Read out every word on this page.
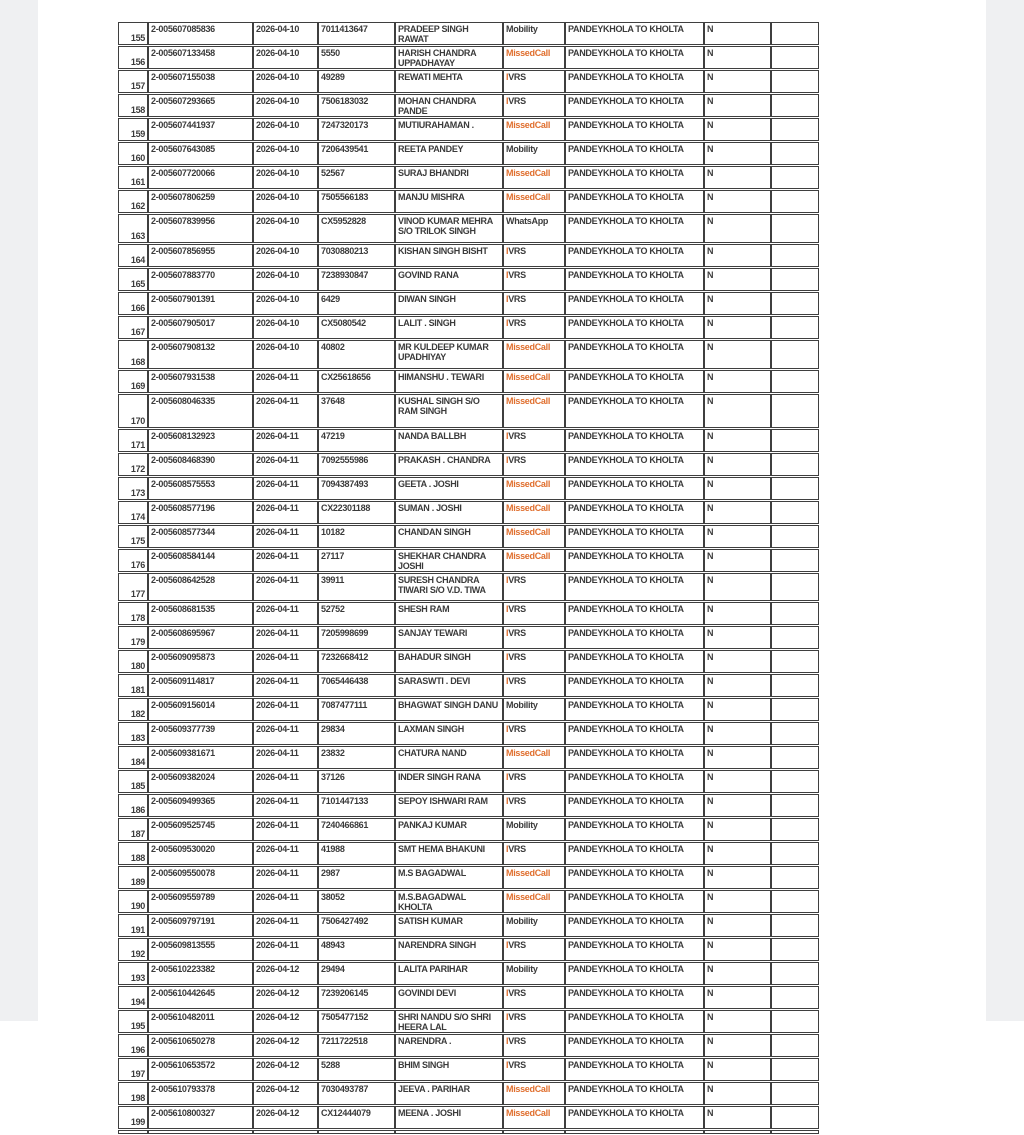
155	2-005607085836	2026-04-10	7011413647	PRADEEP SINGH RAWAT	Mobility	PANDEYKHOLA TO KHOLTA	N	
156	2-005607133458	2026-04-10	5550	HARISH CHANDRA UPPADHAYAY	MissedCall	PANDEYKHOLA TO KHOLTA	N	
157	2-005607155038	2026-04-10	49289	REWATI MEHTA	IVRS	PANDEYKHOLA TO KHOLTA	N	
158	2-005607293665	2026-04-10	7506183032	MOHAN CHANDRA PANDE	IVRS	PANDEYKHOLA TO KHOLTA	N	
159	2-005607441937	2026-04-10	7247320173	MUTIURAHAMAN .	MissedCall	PANDEYKHOLA TO KHOLTA	N	
160	2-005607643085	2026-04-10	7206439541	REETA PANDEY	Mobility	PANDEYKHOLA TO KHOLTA	N	
161	2-005607720066	2026-04-10	52567	SURAJ BHANDRI	MissedCall	PANDEYKHOLA TO KHOLTA	N	
162	2-005607806259	2026-04-10	7505566183	MANJU MISHRA	MissedCall	PANDEYKHOLA TO KHOLTA	N	
163	2-005607839956	2026-04-10	CX5952828	VINOD KUMAR MEHRA S/O TRILOK SINGH	WhatsApp	PANDEYKHOLA TO KHOLTA	N	
164	2-005607856955	2026-04-10	7030880213	KISHAN SINGH BISHT	IVRS	PANDEYKHOLA TO KHOLTA	N	
165	2-005607883770	2026-04-10	7238930847	GOVIND RANA	IVRS	PANDEYKHOLA TO KHOLTA	N	
166	2-005607901391	2026-04-10	6429	DIWAN SINGH	IVRS	PANDEYKHOLA TO KHOLTA	N	
167	2-005607905017	2026-04-10	CX5080542	LALIT . SINGH	IVRS	PANDEYKHOLA TO KHOLTA	N	
168	2-005607908132	2026-04-10	40802	MR KULDEEP KUMAR UPADHIYAY	MissedCall	PANDEYKHOLA TO KHOLTA	N	
169	2-005607931538	2026-04-11	CX25618656	HIMANSHU . TEWARI	MissedCall	PANDEYKHOLA TO KHOLTA	N	
170	2-005608046335	2026-04-11	37648	KUSHAL SINGH S/O RAM SINGH	MissedCall	PANDEYKHOLA TO KHOLTA	N	
171	2-005608132923	2026-04-11	47219	NANDA BALLBH	IVRS	PANDEYKHOLA TO KHOLTA	N	
172	2-005608468390	2026-04-11	7092555986	PRAKASH . CHANDRA	IVRS	PANDEYKHOLA TO KHOLTA	N	
173	2-005608575553	2026-04-11	7094387493	GEETA . JOSHI	MissedCall	PANDEYKHOLA TO KHOLTA	N	
174	2-005608577196	2026-04-11	CX22301188	SUMAN . JOSHI	MissedCall	PANDEYKHOLA TO KHOLTA	N	
175	2-005608577344	2026-04-11	10182	CHANDAN SINGH	MissedCall	PANDEYKHOLA TO KHOLTA	N	
176	2-005608584144	2026-04-11	27117	SHEKHAR CHANDRA JOSHI	MissedCall	PANDEYKHOLA TO KHOLTA	N	
177	2-005608642528	2026-04-11	39911	SURESH CHANDRA TIWARI S/O V.D. TIWA	IVRS	PANDEYKHOLA TO KHOLTA	N	
178	2-005608681535	2026-04-11	52752	SHESH RAM	IVRS	PANDEYKHOLA TO KHOLTA	N	
179	2-005608695967	2026-04-11	7205998699	SANJAY TEWARI	IVRS	PANDEYKHOLA TO KHOLTA	N	
180	2-005609095873	2026-04-11	7232668412	BAHADUR SINGH	IVRS	PANDEYKHOLA TO KHOLTA	N	
181	2-005609114817	2026-04-11	7065446438	SARASWTI . DEVI	IVRS	PANDEYKHOLA TO KHOLTA	N	
182	2-005609156014	2026-04-11	7087477111	BHAGWAT SINGH DANU	Mobility	PANDEYKHOLA TO KHOLTA	N	
183	2-005609377739	2026-04-11	29834	LAXMAN SINGH	IVRS	PANDEYKHOLA TO KHOLTA	N	
184	2-005609381671	2026-04-11	23832	CHATURA NAND	MissedCall	PANDEYKHOLA TO KHOLTA	N	
185	2-005609382024	2026-04-11	37126	INDER SINGH RANA	IVRS	PANDEYKHOLA TO KHOLTA	N	
186	2-005609499365	2026-04-11	7101447133	SEPOY ISHWARI RAM	IVRS	PANDEYKHOLA TO KHOLTA	N	
187	2-005609525745	2026-04-11	7240466861	PANKAJ KUMAR	Mobility	PANDEYKHOLA TO KHOLTA	N	
188	2-005609530020	2026-04-11	41988	SMT HEMA BHAKUNI	IVRS	PANDEYKHOLA TO KHOLTA	N	
189	2-005609550078	2026-04-11	2987	M.S BAGADWAL	MissedCall	PANDEYKHOLA TO KHOLTA	N	
190	2-005609559789	2026-04-11	38052	M.S.BAGADWAL KHOLTA	MissedCall	PANDEYKHOLA TO KHOLTA	N	
191	2-005609797191	2026-04-11	7506427492	SATISH KUMAR	Mobility	PANDEYKHOLA TO KHOLTA	N	
192	2-005609813555	2026-04-11	48943	NARENDRA SINGH	IVRS	PANDEYKHOLA TO KHOLTA	N	
193	2-005610223382	2026-04-12	29494	LALITA PARIHAR	Mobility	PANDEYKHOLA TO KHOLTA	N	
194	2-005610442645	2026-04-12	7239206145	GOVINDI DEVI	IVRS	PANDEYKHOLA TO KHOLTA	N	
195	2-005610482011	2026-04-12	7505477152	SHRI NANDU S/O SHRI HEERA LAL	IVRS	PANDEYKHOLA TO KHOLTA	N	
196	2-005610650278	2026-04-12	7211722518	NARENDRA .	IVRS	PANDEYKHOLA TO KHOLTA	N	
197	2-005610653572	2026-04-12	5288	BHIM SINGH	IVRS	PANDEYKHOLA TO KHOLTA	N	
198	2-005610793378	2026-04-12	7030493787	JEEVA . PARIHAR	MissedCall	PANDEYKHOLA TO KHOLTA	N	
199	2-005610800327	2026-04-12	CX12444079	MEENA . JOSHI	MissedCall	PANDEYKHOLA TO KHOLTA	N	
